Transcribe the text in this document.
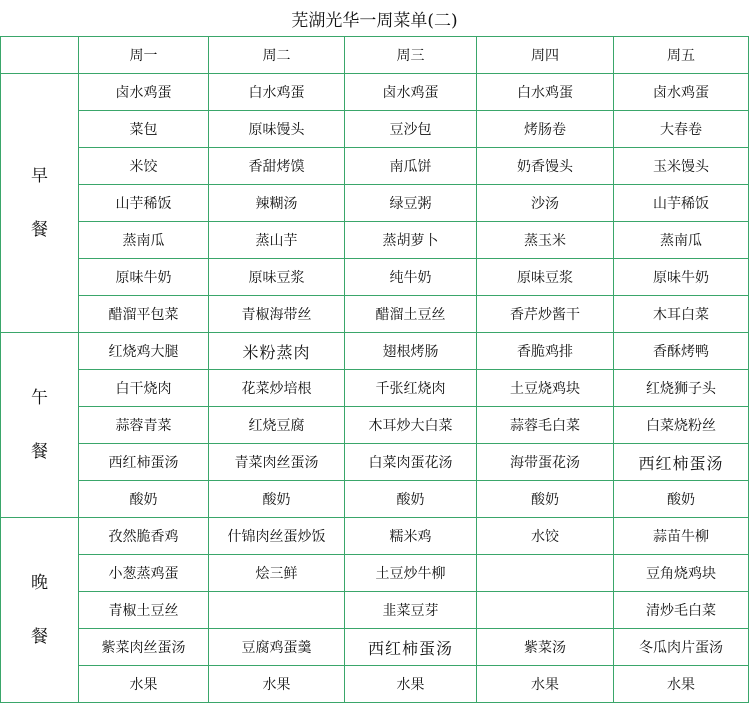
芜湖光华一周菜单(二)					
	周一	周二	周三	周四	周五

早
餐	卤水鸡蛋	白水鸡蛋	卤水鸡蛋	白水鸡蛋	卤水鸡蛋
	菜包	原味馒头	豆沙包	烤肠卷	大春卷
	米饺	香甜烤馍	南瓜饼	奶香馒头	玉米馒头
	山芋稀饭	辣糊汤	绿豆粥	沙汤	山芋稀饭
	蒸南瓜	蒸山芋	蒸胡萝卜	蒸玉米	蒸南瓜
	原味牛奶	原味豆浆	纯牛奶	原味豆浆	原味牛奶
	醋溜平包菜	青椒海带丝	醋溜土豆丝	香芹炒酱干	木耳白菜

午
餐	红烧鸡大腿	米粉蒸肉	翅根烤肠	香脆鸡排	香酥烤鸭
	白干烧肉	花菜炒培根	千张红烧肉	土豆烧鸡块	红烧狮子头
	蒜蓉青菜	红烧豆腐	木耳炒大白菜	蒜蓉毛白菜	白菜烧粉丝
	西红柿蛋汤	青菜肉丝蛋汤	白菜肉蛋花汤	海带蛋花汤	西红柿蛋汤
	酸奶	酸奶	酸奶	酸奶	酸奶

晚
餐	孜然脆香鸡	什锦肉丝蛋炒饭	糯米鸡	水饺	蒜苗牛柳
	小葱蒸鸡蛋	烩三鲜	土豆炒牛柳		豆角烧鸡块
	青椒土豆丝		韭菜豆芽		清炒毛白菜
	紫菜肉丝蛋汤	豆腐鸡蛋羹	西红柿蛋汤	紫菜汤	冬瓜肉片蛋汤
	水果	水果	水果	水果	水果
